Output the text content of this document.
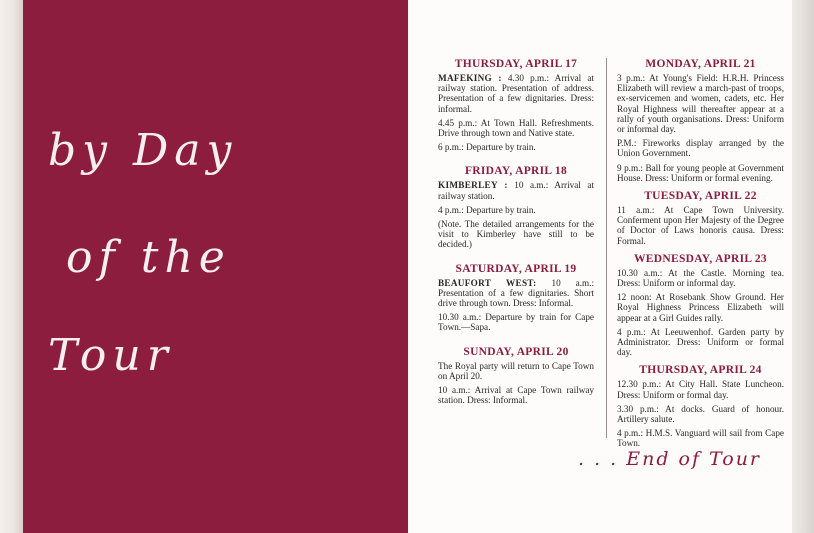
by Day
of the
Tour
THURSDAY, APRIL 17
MAFEKING : 4.30 p.m.: Arrival at railway station. Presentation of address. Presentation of a few dignitaries. Dress: informal.
4.45 p.m.: At Town Hall. Refreshments. Drive through town and Native state.
6 p.m.: Departure by train.
FRIDAY, APRIL 18
KIMBERLEY : 10 a.m.: Arrival at railway station.
4 p.m.: Departure by train.
(Note. The detailed arrangements for the visit to Kimberley have still to be decided.)
SATURDAY, APRIL 19
BEAUFORT WEST: 10 a.m.: Presentation of a few dignitaries. Short drive through town. Dress: Informal.
10.30 a.m.: Departure by train for Cape Town.—Sapa.
SUNDAY, APRIL 20
The Royal party will return to Cape Town on April 20.
10 a.m.: Arrival at Cape Town railway station. Dress: Informal.
MONDAY, APRIL 21
3 p.m.: At Young's Field: H.R.H. Princess Elizabeth will review a march-past of troops, ex-servicemen and women, cadets, etc. Her Royal Highness will thereafter appear at a rally of youth organisations. Dress: Uniform or informal day.
P.M.: Fireworks display arranged by the Union Government.
9 p.m.: Ball for young people at Government House. Dress: Uniform or formal evening.
TUESDAY, APRIL 22
11 a.m.: At Cape Town University. Conferment upon Her Majesty of the Degree of Doctor of Laws honoris causa. Dress: Formal.
WEDNESDAY, APRIL 23
10.30 a.m.: At the Castle. Morning tea. Dress: Uniform or informal day.
12 noon: At Rosebank Show Ground. Her Royal Highness Princess Elizabeth will appear at a Girl Guides rally.
4 p.m.: At Leeuwenhof. Garden party by Administrator. Dress: Uniform or formal day.
THURSDAY, APRIL 24
12.30 p.m.: At City Hall. State Luncheon. Dress: Uniform or formal day.
3.30 p.m.: At docks. Guard of honour. Artillery salute.
4 p.m.: H.M.S. Vanguard will sail from Cape Town.
. . . End of Tour
